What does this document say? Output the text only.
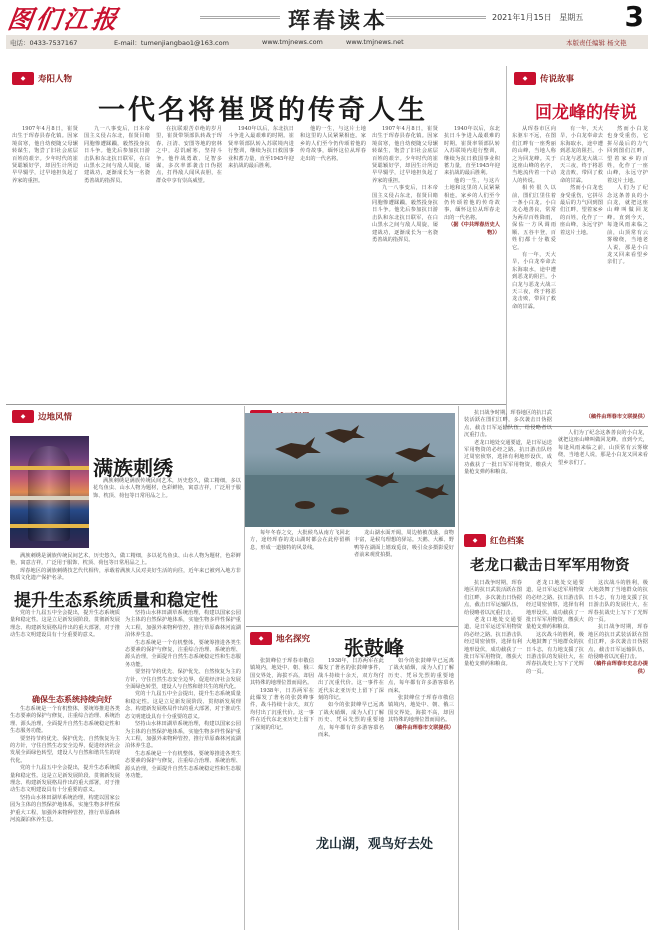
图们江报	珲春读本	2021年1月15日 星期五 3
电话：0433-7537167	E-mail：tumenjiangbao1@163.com	www.tmjnews.com	www.tmjnews.net	本版责任编辑 杨文艳
◆ 寿阳人物
一代名将崔贤的传奇人生

1907年4月8日，崔贤出生于珲春县春化镇。因家境贫寒，他自幼便随父母辗转谋生，饱尝了旧社会底层百姓的艰辛。少年时代的崔贤聪颖好学，却因生计所迫早早辍学，过早地担负起了养家的重担。

九一八事变后，日本帝国主义侵占东北，崔贤目睹同胞惨遭蹂躏，毅然投身抗日斗争。他先后参加抗日游击队和东北抗日联军，在白山黑水之间与敌人周旋，屡建战功，逐渐成长为一名骁勇善战的指挥员。

在抗联艰苦卓绝的岁月里，崔贤带领部队转战于珲春、汪清、安图等地的密林之中，忍饥耐寒，坚持斗争。他作战勇敢、足智多谋，多次率部袭击日伪据点，打得敌人闻风丧胆，在群众中享有崇高威望。

1940年以后，东北抗日斗争进入最艰难的时期。崔贤率领部队转入苏联境内进行整训，继续为抗日救国事业积蓄力量，直至1945年迎来抗战的最后胜利。

他的一生，与这片土地和这里的人民紧紧相连。家乡的人们至今仍传颂着他的传奇故事，缅怀这位从珲春走出的一代名将。

1907年4月8日，崔贤出生于珲春县春化镇。因家境贫寒，他自幼便随父母辗转谋生，饱尝了旧社会底层百姓的艰辛。少年时代的崔贤聪颖好学，却因生计所迫早早辍学，过早地担负起了养家的重担。

九一八事变后，日本帝国主义侵占东北，崔贤目睹同胞惨遭蹂躏，毅然投身抗日斗争。他先后参加抗日游击队和东北抗日联军，在白山黑水之间与敌人周旋，屡建战功，逐渐成长为一名骁勇善战的指挥员。

1940年以后，东北抗日斗争进入最艰难的时期。崔贤率领部队转入苏联境内进行整训，继续为抗日救国事业积蓄力量，直至1945年迎来抗战的最后胜利。

他的一生，与这片土地和这里的人民紧紧相连。家乡的人们至今仍传颂着他的传奇故事，缅怀这位从珲春走出的一代名将。

（据《中共珲春历史人物》）

◆ 传说故事
回龙峰的传说

从珲春市区向东驱车不远，在图们江畔有一座秀丽的山峰，当地人称之为回龙峰。关于这座山峰的名字，当地流传着一个动人的传说。

相传很久以前，图们江里住着一条小白龙。小白龙心地善良，常常为两岸百姓降雨，保佑一方风调雨顺、五谷丰登，百姓们都十分敬爱它。

有一年，天大旱，小白龙奉命去东海取水，途中遭到恶龙的阻拦。小白龙与恶龙大战三天三夜，终于将恶龙击败，带回了救命的甘霖。

有一年，天大旱，小白龙奉命去东海取水，途中遭到恶龙的阻拦。小白龙与恶龙大战三天三夜，终于将恶龙击败，带回了救命的甘霖。

然而小白龙也身受重伤，它拼尽最后的力气回到图们江畔，望着家乡的百姓，化作了一座山峰，永远守护着这片土地。

然而小白龙也身受重伤，它拼尽最后的力气回到图们江畔，望着家乡的百姓，化作了一座山峰，永远守护着这片土地。

人们为了纪念这条善良的小白龙，就把这座山峰叫做回龙峰。直到今天，每逢风雨来临之前，山顶常有云雾缭绕，当地老人说，那是小白龙又回来看望乡亲们了。

（稿件由珲春市文联提供）

◆ 边地风情
满族刺绣

满族刺绣是满族传统民间艺术，历史悠久，做工精细，多以花鸟鱼虫、山水人物为题材，色彩鲜艳，寓意吉祥，广泛用于服饰、枕顶、荷包等日常用品之上。

满族刺绣是满族传统民间艺术，历史悠久，做工精细，多以花鸟鱼虫、山水人物为题材，色彩鲜艳，寓意吉祥，广泛用于服饰、枕顶、荷包等日常用品之上。

珲春地区的满族刺绣技艺代代相传，承载着满族人民对美好生活的向往，近年来已被列入地方非物质文化遗产保护名录。

提升生态系统质量和稳定性

党的十九届五中全会提出，提升生态系统质量和稳定性。这是立足新发展阶段、贯彻新发展理念、构建新发展格局作出的重大部署，对于推动生态文明建设具有十分重要的意义。

坚持山水林田湖草系统治理，构建以国家公园为主体的自然保护地体系，实施生物多样性保护重大工程，加强外来物种管控，推行草原森林河流湖泊休养生息。

生态系统是一个有机整体，要统筹推进各类生态要素的保护与修复，注重综合治理、系统治理、源头治理，全面提升自然生态系统稳定性和生态服务功能。

要坚持节约优先、保护优先、自然恢复为主的方针，守住自然生态安全边界，促进经济社会发展全面绿色转型，建设人与自然和谐共生的现代化。

党的十九届五中全会提出，提升生态系统质量和稳定性。这是立足新发展阶段、贯彻新发展理念、构建新发展格局作出的重大部署，对于推动生态文明建设具有十分重要的意义。

坚持山水林田湖草系统治理，构建以国家公园为主体的自然保护地体系，实施生物多样性保护重大工程，加强外来物种管控，推行草原森林河流湖泊休养生息。

生态系统是一个有机整体，要统筹推进各类生态要素的保护与修复，注重综合治理、系统治理、源头治理，全面提升自然生态系统稳定性和生态服务功能。

确保生态系统持续向好

生态系统是一个有机整体，要统筹推进各类生态要素的保护与修复，注重综合治理、系统治理、源头治理，全面提升自然生态系统稳定性和生态服务功能。

要坚持节约优先、保护优先、自然恢复为主的方针，守住自然生态安全边界，促进经济社会发展全面绿色转型，建设人与自然和谐共生的现代化。

党的十九届五中全会提出，提升生态系统质量和稳定性。这是立足新发展阶段、贯彻新发展理念、构建新发展格局作出的重大部署，对于推动生态文明建设具有十分重要的意义。

坚持山水林田湖草系统治理，构建以国家公园为主体的自然保护地体系，实施生物多样性保护重大工程，加强外来物种管控，推行草原森林河流湖泊休养生息。

龙山湖，观鸟好去处

每年冬春之交，大批候鸟从南方飞回北方，途经珲春的龙山湖时都会在此停留栖息，形成一道独特的风景线。

龙山湖水面开阔，周边植被茂盛，食物丰富，是候鸟理想的驿站。天鹅、大雁、野鸭等在湖面上嬉戏觅食，吸引众多摄影爱好者前来观赏拍摄。

◆ 地名探究 张鼓峰

张鼓峰位于珲春市敬信镇境内，地处中、朝、俄三国交界处，海拔不高，却因其特殊的地理位置而闻名。

1938年，日苏两军在此爆发了著名的张鼓峰事件，战斗持续十余天，双方均付出了沉重代价。这一事件在近代东北亚历史上留下了深刻的印记。

1938年，日苏两军在此爆发了著名的张鼓峰事件，战斗持续十余天，双方均付出了沉重代价。这一事件在近代东北亚历史上留下了深刻的印记。

如今的张鼓峰早已远离了战火硝烟，成为人们了解历史、凭吊先烈的重要地点，每年都有许多游客慕名而来。

如今的张鼓峰早已远离了战火硝烟，成为人们了解历史、凭吊先烈的重要地点，每年都有许多游客慕名而来。

张鼓峰位于珲春市敬信镇境内，地处中、朝、俄三国交界处，海拔不高，却因其特殊的地理位置而闻名。

（稿件由珲春市文联提供）

抗日战争时期，珲春地区的抗日武装活跃在图们江畔，多次袭击日伪据点，截击日军运输队伍，给侵略者以沉重打击。

老龙口地处交通要道，是日军运送军用物资的必经之路。抗日游击队经过周密侦察，选择有利地形设伏，成功截获了一批日军军用物资，缴获大量枪支弹药和粮食。

人们为了纪念这条善良的小白龙，就把这座山峰叫做回龙峰。直到今天，每逢风雨来临之前，山顶常有云雾缭绕，当地老人说，那是小白龙又回来看望乡亲们了。

◆ 红色档案
老龙口截击日军军用物资

抗日战争时期，珲春地区的抗日武装活跃在图们江畔，多次袭击日伪据点，截击日军运输队伍，给侵略者以沉重打击。

老龙口地处交通要道，是日军运送军用物资的必经之路。抗日游击队经过周密侦察，选择有利地形设伏，成功截获了一批日军军用物资，缴获大量枪支弹药和粮食。

老龙口地处交通要道，是日军运送军用物资的必经之路。抗日游击队经过周密侦察，选择有利地形设伏，成功截获了一批日军军用物资，缴获大量枪支弹药和粮食。

这次战斗的胜利，极大地鼓舞了当地群众的抗日斗志，有力地支援了抗日游击队的发展壮大，在珲春抗战史上写下了光辉的一页。

这次战斗的胜利，极大地鼓舞了当地群众的抗日斗志，有力地支援了抗日游击队的发展壮大，在珲春抗战史上写下了光辉的一页。

抗日战争时期，珲春地区的抗日武装活跃在图们江畔，多次袭击日伪据点，截击日军运输队伍，给侵略者以沉重打击。

（稿件由珲春市史志办提供）
